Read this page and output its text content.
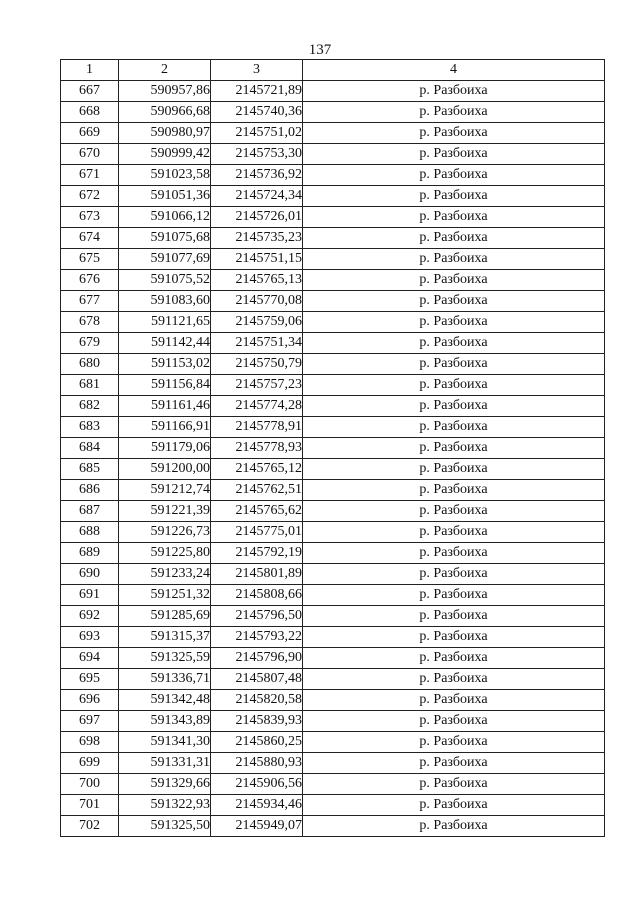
137
1	2	3	4
667	590957,86	2145721,89	р. Разбоиха
668	590966,68	2145740,36	р. Разбоиха
669	590980,97	2145751,02	р. Разбоиха
670	590999,42	2145753,30	р. Разбоиха
671	591023,58	2145736,92	р. Разбоиха
672	591051,36	2145724,34	р. Разбоиха
673	591066,12	2145726,01	р. Разбоиха
674	591075,68	2145735,23	р. Разбоиха
675	591077,69	2145751,15	р. Разбоиха
676	591075,52	2145765,13	р. Разбоиха
677	591083,60	2145770,08	р. Разбоиха
678	591121,65	2145759,06	р. Разбоиха
679	591142,44	2145751,34	р. Разбоиха
680	591153,02	2145750,79	р. Разбоиха
681	591156,84	2145757,23	р. Разбоиха
682	591161,46	2145774,28	р. Разбоиха
683	591166,91	2145778,91	р. Разбоиха
684	591179,06	2145778,93	р. Разбоиха
685	591200,00	2145765,12	р. Разбоиха
686	591212,74	2145762,51	р. Разбоиха
687	591221,39	2145765,62	р. Разбоиха
688	591226,73	2145775,01	р. Разбоиха
689	591225,80	2145792,19	р. Разбоиха
690	591233,24	2145801,89	р. Разбоиха
691	591251,32	2145808,66	р. Разбоиха
692	591285,69	2145796,50	р. Разбоиха
693	591315,37	2145793,22	р. Разбоиха
694	591325,59	2145796,90	р. Разбоиха
695	591336,71	2145807,48	р. Разбоиха
696	591342,48	2145820,58	р. Разбоиха
697	591343,89	2145839,93	р. Разбоиха
698	591341,30	2145860,25	р. Разбоиха
699	591331,31	2145880,93	р. Разбоиха
700	591329,66	2145906,56	р. Разбоиха
701	591322,93	2145934,46	р. Разбоиха
702	591325,50	2145949,07	р. Разбоиха
